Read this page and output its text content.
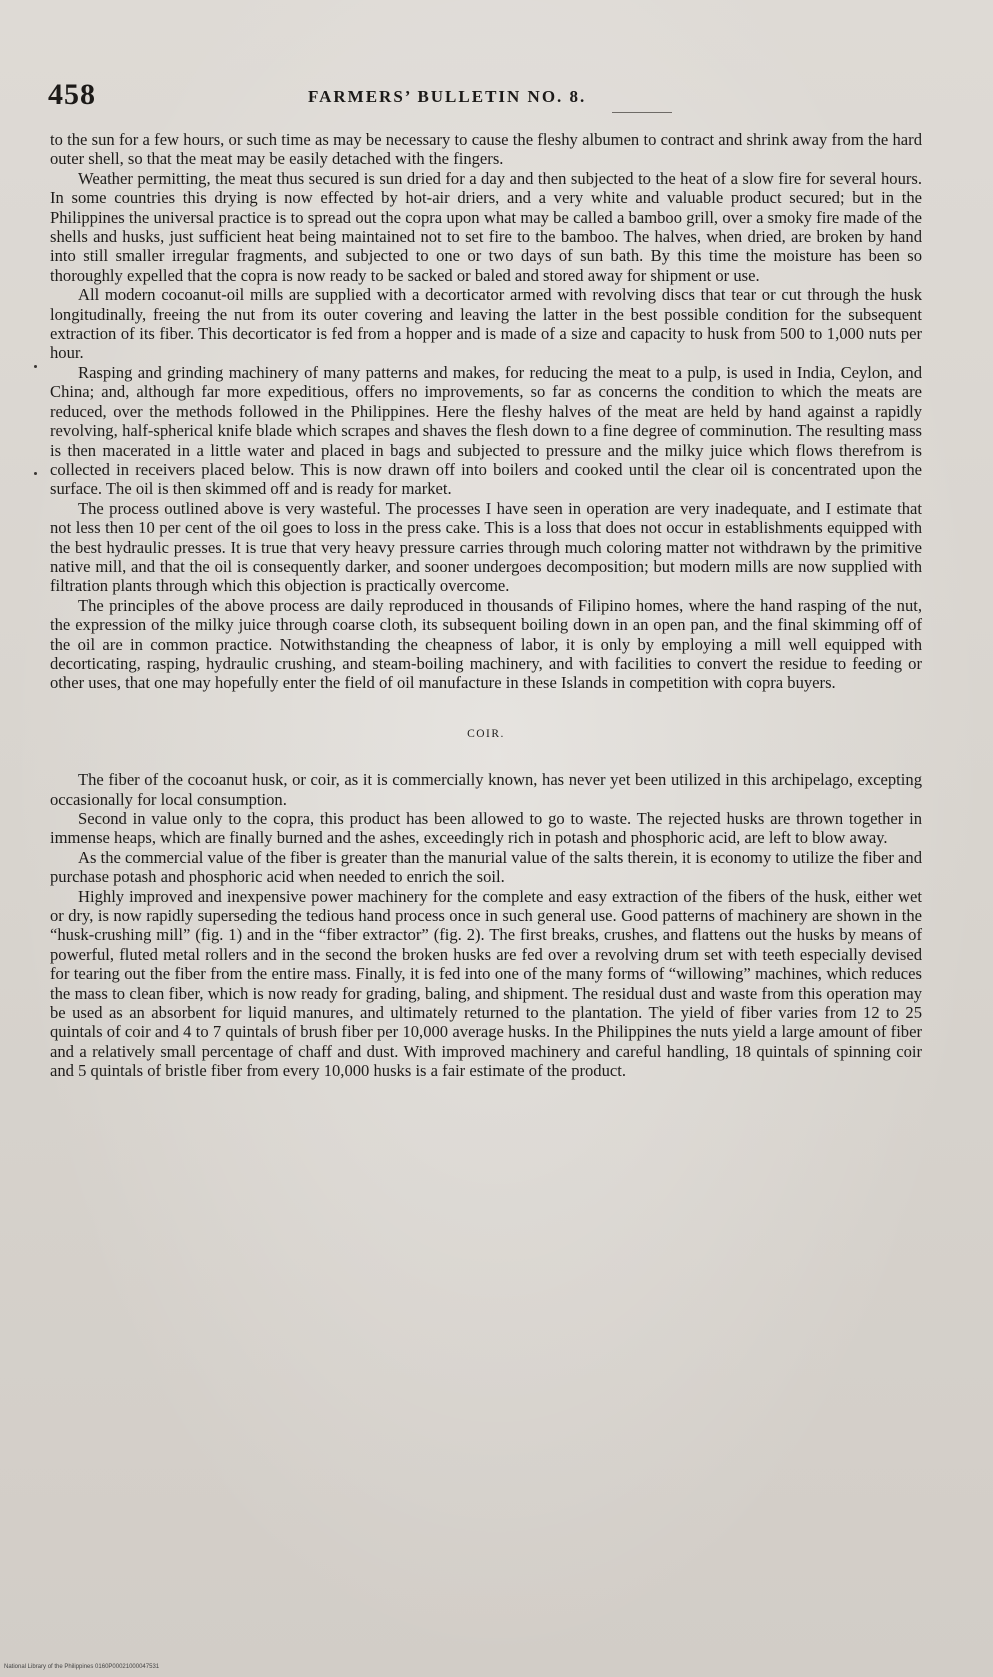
458	FARMERS’ BULLETIN NO. 8.

to the sun for a few hours, or such time as may be necessary to cause the fleshy albumen to contract and shrink away from the hard outer shell, so that the meat may be easily detached with the fingers.

Weather permitting, the meat thus secured is sun dried for a day and then subjected to the heat of a slow fire for several hours. In some countries this drying is now effected by hot-air driers, and a very white and valuable product secured; but in the Philippines the universal practice is to spread out the copra upon what may be called a bamboo grill, over a smoky fire made of the shells and husks, just sufficient heat being maintained not to set fire to the bamboo. The halves, when dried, are broken by hand into still smaller irregular fragments, and subjected to one or two days of sun bath. By this time the moisture has been so thoroughly expelled that the copra is now ready to be sacked or baled and stored away for shipment or use.

All modern cocoanut-oil mills are supplied with a decorticator armed with revolving discs that tear or cut through the husk longitudinally, freeing the nut from its outer covering and leaving the latter in the best possible condition for the subsequent extraction of its fiber. This decorticator is fed from a hopper and is made of a size and capacity to husk from 500 to 1,000 nuts per hour.

Rasping and grinding machinery of many patterns and makes, for reducing the meat to a pulp, is used in India, Ceylon, and China; and, although far more expeditious, offers no improvements, so far as concerns the condition to which the meats are reduced, over the methods followed in the Philippines. Here the fleshy halves of the meat are held by hand against a rapidly revolving, half-spherical knife blade which scrapes and shaves the flesh down to a fine degree of comminution. The resulting mass is then macerated in a little water and placed in bags and subjected to pressure and the milky juice which flows therefrom is collected in receivers placed below. This is now drawn off into boilers and cooked until the clear oil is concentrated upon the surface. The oil is then skimmed off and is ready for market.

The process outlined above is very wasteful. The processes I have seen in operation are very inadequate, and I estimate that not less then 10 per cent of the oil goes to loss in the press cake. This is a loss that does not occur in establishments equipped with the best hydraulic presses. It is true that very heavy pressure carries through much coloring matter not withdrawn by the primitive native mill, and that the oil is consequently darker, and sooner undergoes decomposition; but modern mills are now supplied with filtration plants through which this objection is practically overcome.

The principles of the above process are daily reproduced in thousands of Filipino homes, where the hand rasping of the nut, the expression of the milky juice through coarse cloth, its subsequent boiling down in an open pan, and the final skimming off of the oil are in common practice. Notwithstanding the cheapness of labor, it is only by employing a mill well equipped with decorticating, rasping, hydraulic crushing, and steam-boiling machinery, and with facilities to convert the residue to feeding or other uses, that one may hopefully enter the field of oil manufacture in these Islands in competition with copra buyers.

COIR.

The fiber of the cocoanut husk, or coir, as it is commercially known, has never yet been utilized in this archipelago, excepting occasionally for local consumption.

Second in value only to the copra, this product has been allowed to go to waste. The rejected husks are thrown together in immense heaps, which are finally burned and the ashes, exceedingly rich in potash and phosphoric acid, are left to blow away.

As the commercial value of the fiber is greater than the manurial value of the salts therein, it is economy to utilize the fiber and purchase potash and phosphoric acid when needed to enrich the soil.

Highly improved and inexpensive power machinery for the complete and easy extraction of the fibers of the husk, either wet or dry, is now rapidly superseding the tedious hand process once in such general use. Good patterns of machinery are shown in the “husk-crushing mill” (fig. 1) and in the “fiber extractor” (fig. 2). The first breaks, crushes, and flattens out the husks by means of powerful, fluted metal rollers and in the second the broken husks are fed over a revolving drum set with teeth especially devised for tearing out the fiber from the entire mass. Finally, it is fed into one of the many forms of “willowing” machines, which reduces the mass to clean fiber, which is now ready for grading, baling, and shipment. The residual dust and waste from this operation may be used as an absorbent for liquid manures, and ultimately returned to the plantation. The yield of fiber varies from 12 to 25 quintals of coir and 4 to 7 quintals of brush fiber per 10,000 average husks. In the Philippines the nuts yield a large amount of fiber and a relatively small percentage of chaff and dust. With improved machinery and careful handling, 18 quintals of spinning coir and 5 quintals of bristle fiber from every 10,000 husks is a fair estimate of the product.

National Library of the Philippines 0160P00021000047531
